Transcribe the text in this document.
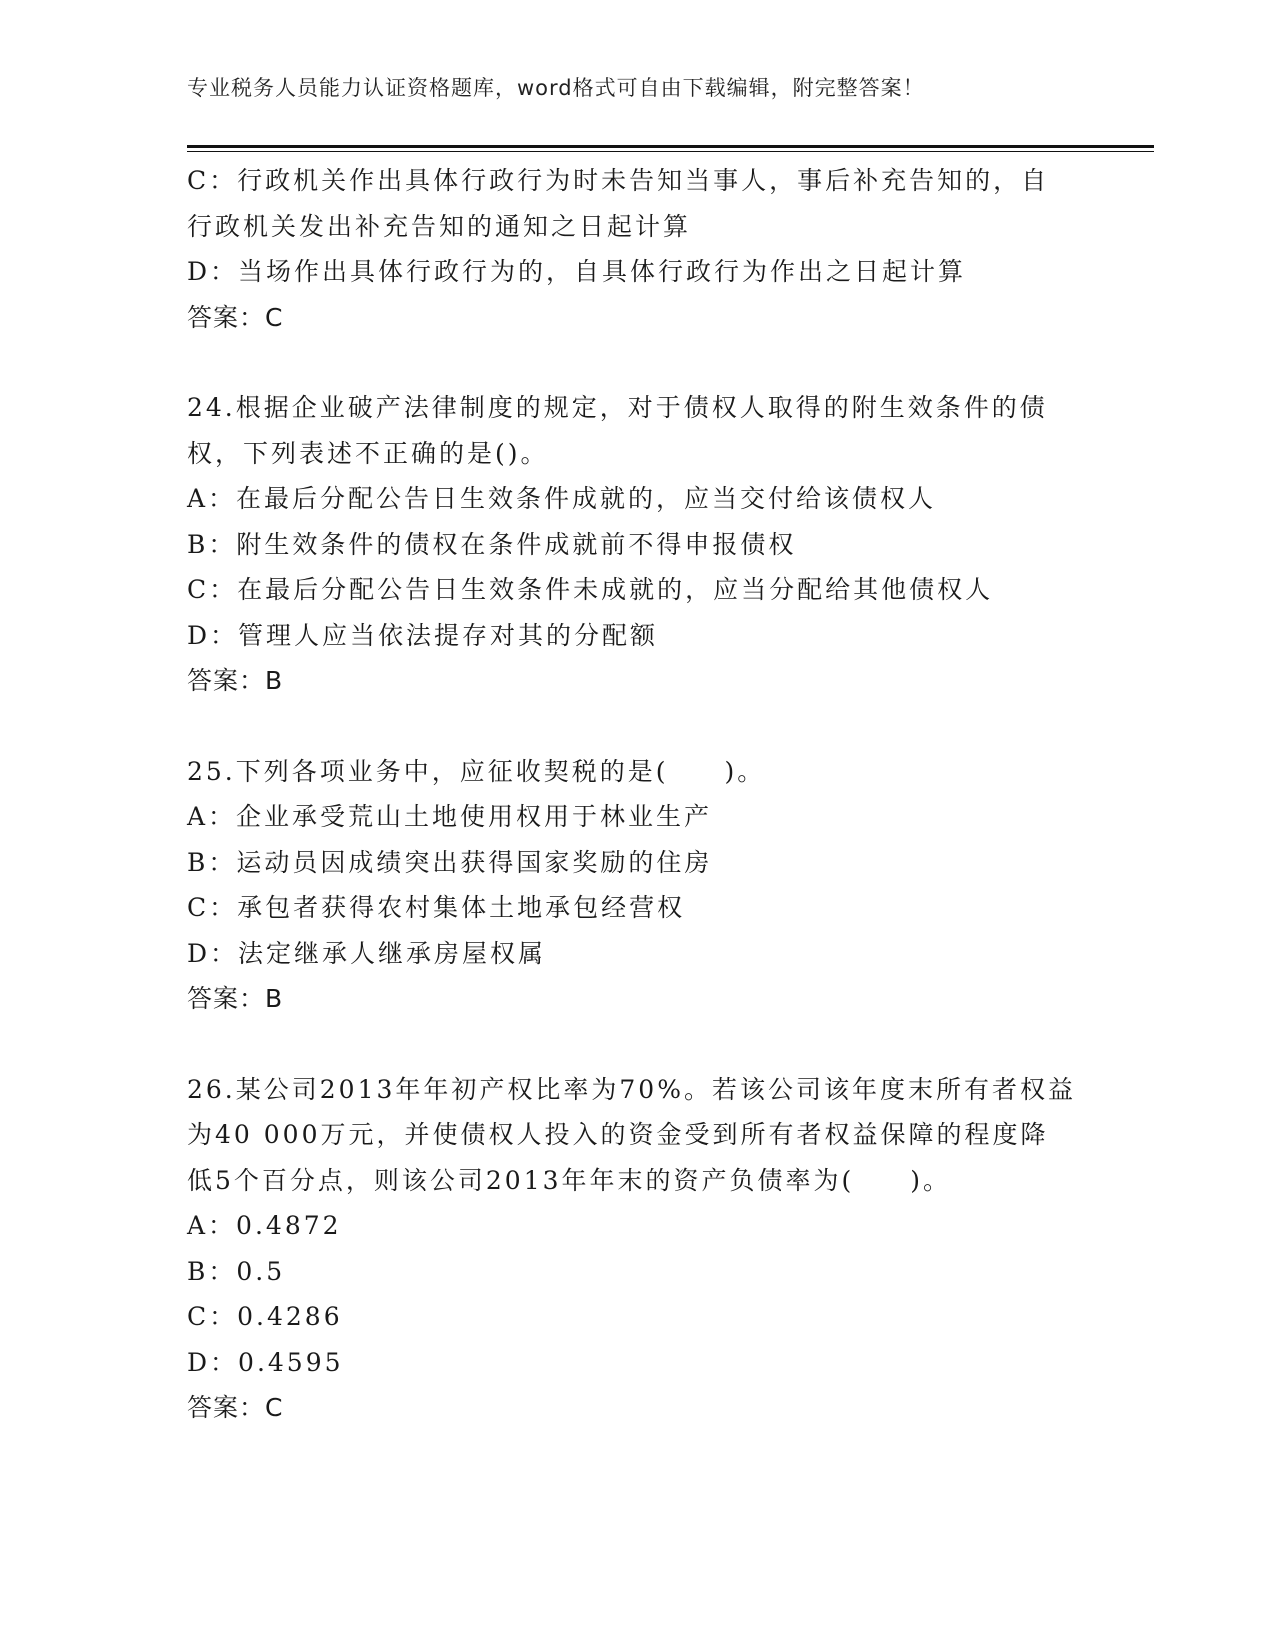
专业税务人员能力认证资格题库，word格式可自由下载编辑，附完整答案！
C：行政机关作出具体行政行为时未告知当事人，事后补充告知的，自
行政机关发出补充告知的通知之日起计算
D：当场作出具体行政行为的，自具体行政行为作出之日起计算
答案：C
24.根据企业破产法律制度的规定，对于债权人取得的附生效条件的债
权，下列表述不正确的是()。
A：在最后分配公告日生效条件成就的，应当交付给该债权人
B：附生效条件的债权在条件成就前不得申报债权
C：在最后分配公告日生效条件未成就的，应当分配给其他债权人
D：管理人应当依法提存对其的分配额
答案：B
25.下列各项业务中，应征收契税的是(　　)。
A：企业承受荒山土地使用权用于林业生产
B：运动员因成绩突出获得国家奖励的住房
C：承包者获得农村集体土地承包经营权
D：法定继承人继承房屋权属
答案：B
26.某公司2013年年初产权比率为70%。若该公司该年度末所有者权益
为40 000万元，并使债权人投入的资金受到所有者权益保障的程度降
低5个百分点，则该公司2013年年末的资产负债率为(　　)。
A：0.4872
B：0.5
C：0.4286
D：0.4595
答案：C
